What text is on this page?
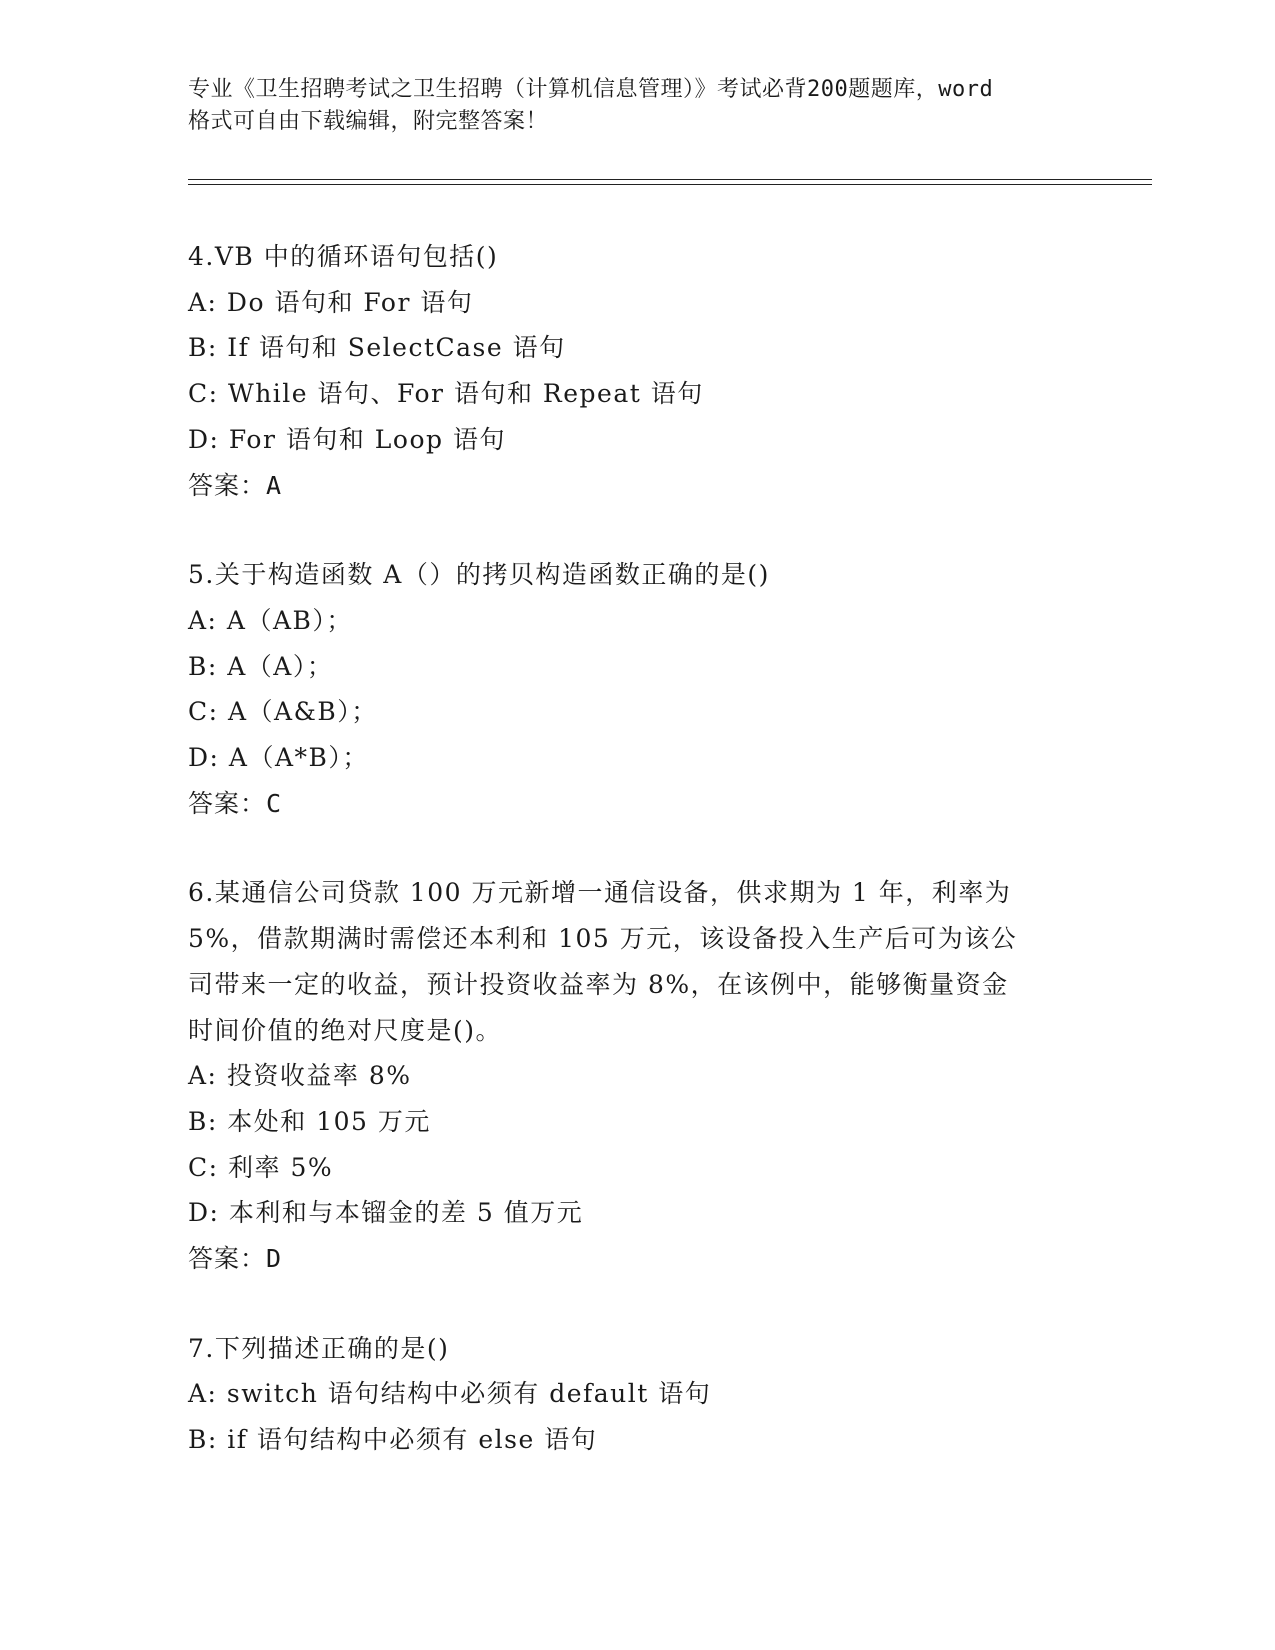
专业《卫生招聘考试之卫生招聘（计算机信息管理）》考试必背200题题库，word
格式可自由下载编辑，附完整答案！
4.VB 中的循环语句包括()
A: Do 语句和 For 语句
B: If 语句和 SelectCase 语句
C: While 语句、For 语句和 Repeat 语句
D: For 语句和 Loop 语句
答案：A
5.关于构造函数 A（）的拷贝构造函数正确的是()
A: A（AB）；
B: A（A）；
C: A（A&B）；
D: A（A*B）；
答案：C
6.某通信公司贷款 100 万元新增一通信设备，供求期为 1 年，利率为
5%，借款期满时需偿还本利和 105 万元，该设备投入生产后可为该公
司带来一定的收益，预计投资收益率为 8%，在该例中，能够衡量资金
时间价值的绝对尺度是()。
A: 投资收益率 8%
B: 本处和 105 万元
C: 利率 5%
D: 本利和与本镏金的差 5 值万元
答案：D
7.下列描述正确的是()
A: switch 语句结构中必须有 default 语句
B: if 语句结构中必须有 else 语句
